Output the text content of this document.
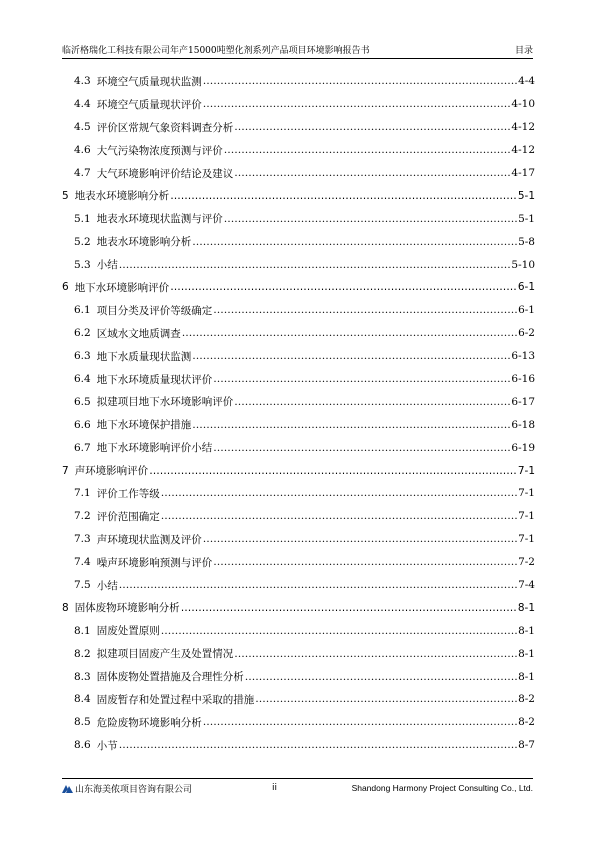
临沂格瑞化工科技有限公司年产15000吨塑化剂系列产品项目环境影响报告书	目录
4.3 环境空气质量现状监测 ……………………………………………………………………………………………………………………………………………………………………………………………………………………………………	4-4
4.4 环境空气质量现状评价 ……………………………………………………………………………………………………………………………………………………………………………………………………………………………………	4-10
4.5 评价区常规气象资料调查分析 ……………………………………………………………………………………………………………………………………………………………………………………………………………………………………	4-12
4.6 大气污染物浓度预测与评价 ……………………………………………………………………………………………………………………………………………………………………………………………………………………………………	4-12
4.7 大气环境影响评价结论及建议 ……………………………………………………………………………………………………………………………………………………………………………………………………………………………………	4-17
5 地表水环境影响分析 ……………………………………………………………………………………………………………………………………………………………………………………………………………………………………	5-1
5.1 地表水环境现状监测与评价 ……………………………………………………………………………………………………………………………………………………………………………………………………………………………………	5-1
5.2 地表水环境影响分析 ……………………………………………………………………………………………………………………………………………………………………………………………………………………………………	5-8
5.3 小结 ……………………………………………………………………………………………………………………………………………………………………………………………………………………………………	5-10
6 地下水环境影响评价 ……………………………………………………………………………………………………………………………………………………………………………………………………………………………………	6-1
6.1 项目分类及评价等级确定 ……………………………………………………………………………………………………………………………………………………………………………………………………………………………………	6-1
6.2 区域水文地质调查 ……………………………………………………………………………………………………………………………………………………………………………………………………………………………………	6-2
6.3 地下水质量现状监测 ……………………………………………………………………………………………………………………………………………………………………………………………………………………………………	6-13
6.4 地下水环境质量现状评价 ……………………………………………………………………………………………………………………………………………………………………………………………………………………………………	6-16
6.5 拟建项目地下水环境影响评价 ……………………………………………………………………………………………………………………………………………………………………………………………………………………………………	6-17
6.6 地下水环境保护措施 ……………………………………………………………………………………………………………………………………………………………………………………………………………………………………	6-18
6.7 地下水环境影响评价小结 ……………………………………………………………………………………………………………………………………………………………………………………………………………………………………	6-19
7 声环境影响评价 ……………………………………………………………………………………………………………………………………………………………………………………………………………………………………	7-1
7.1 评价工作等级 ……………………………………………………………………………………………………………………………………………………………………………………………………………………………………	7-1
7.2 评价范围确定 ……………………………………………………………………………………………………………………………………………………………………………………………………………………………………	7-1
7.3 声环境现状监测及评价 ……………………………………………………………………………………………………………………………………………………………………………………………………………………………………	7-1
7.4 噪声环境影响预测与评价 ……………………………………………………………………………………………………………………………………………………………………………………………………………………………………	7-2
7.5 小结 ……………………………………………………………………………………………………………………………………………………………………………………………………………………………………	7-4
8 固体废物环境影响分析 ……………………………………………………………………………………………………………………………………………………………………………………………………………………………………	8-1
8.1 固废处置原则 ……………………………………………………………………………………………………………………………………………………………………………………………………………………………………	8-1
8.2 拟建项目固废产生及处置情况 ……………………………………………………………………………………………………………………………………………………………………………………………………………………………………	8-1
8.3 固体废物处置措施及合理性分析 ……………………………………………………………………………………………………………………………………………………………………………………………………………………………………	8-1
8.4 固废暂存和处置过程中采取的措施 ……………………………………………………………………………………………………………………………………………………………………………………………………………………………………	8-2
8.5 危险废物环境影响分析 ……………………………………………………………………………………………………………………………………………………………………………………………………………………………………	8-2
8.6 小节 ……………………………………………………………………………………………………………………………………………………………………………………………………………………………………	8-7
山东海美侬项目咨询有限公司	ii	Shandong Harmony Project Consulting Co., Ltd.
